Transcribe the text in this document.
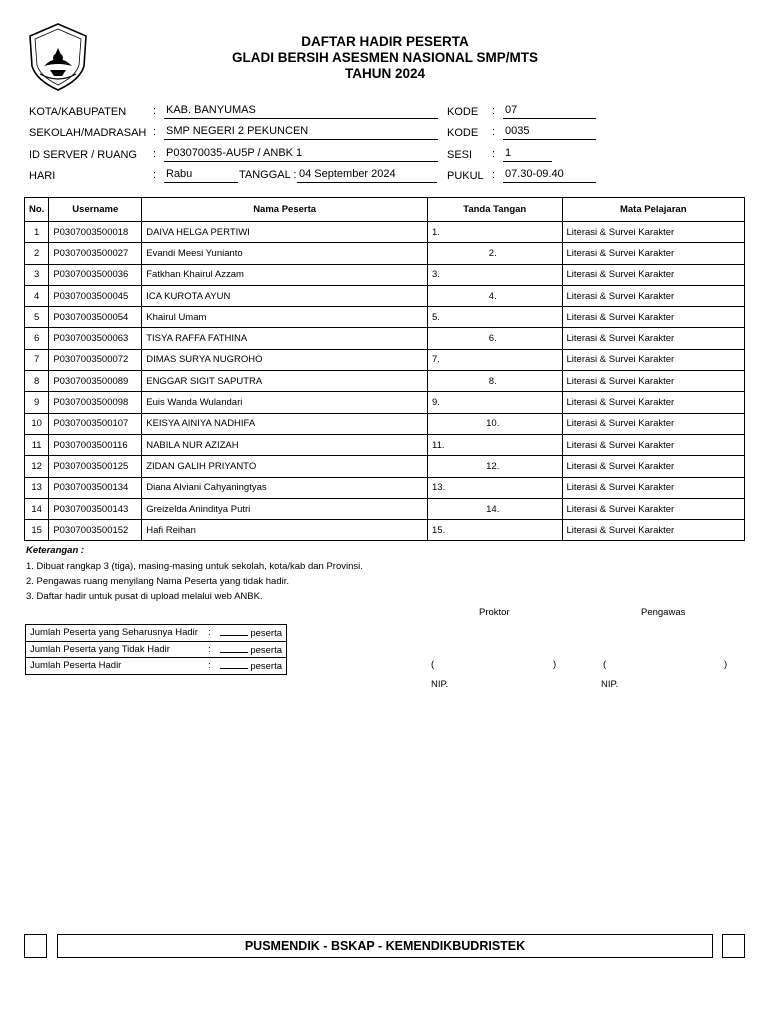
DAFTAR HADIR PESERTA
GLADI BERSIH ASESMEN NASIONAL SMP/MTS
TAHUN 2024
KOTA/KABUPATEN : KAB. BANYUMAS
SEKOLAH/MADRASAH : SMP NEGERI 2 PEKUNCEN
ID SERVER / RUANG : P03070035-AU5P / ANBK 1
HARI	: Rabu	TANGGAL : 04 September 2024
KODE : 07
KODE : 0035
SESI : 1
PUKUL : 07.30-09.40
No.	Username	Nama Peserta	Tanda Tangan	Mata Pelajaran
1	P0307003500018	DAIVA HELGA PERTIWI	1.	Literasi & Survei Karakter
2	P0307003500027	Evandi Meesi Yunianto	2.	Literasi & Survei Karakter
3	P0307003500036	Fatkhan Khairul Azzam	3.	Literasi & Survei Karakter
4	P0307003500045	ICA KUROTA AYUN	4.	Literasi & Survei Karakter
5	P0307003500054	Khairul Umam	5.	Literasi & Survei Karakter
6	P0307003500063	TISYA RAFFA FATHINA	6.	Literasi & Survei Karakter
7	P0307003500072	DIMAS SURYA NUGROHO	7.	Literasi & Survei Karakter
8	P0307003500089	ENGGAR SIGIT SAPUTRA	8.	Literasi & Survei Karakter
9	P0307003500098	Euis Wanda Wulandari	9.	Literasi & Survei Karakter
10	P0307003500107	KEISYA AINIYA NADHIFA	10.	Literasi & Survei Karakter
11	P0307003500116	NABILA NUR AZIZAH	11.	Literasi & Survei Karakter
12	P0307003500125	ZIDAN GALIH PRIYANTO	12.	Literasi & Survei Karakter
13	P0307003500134	Diana Alviani Cahyaningtyas	13.	Literasi & Survei Karakter
14	P0307003500143	Greizelda Aninditya Putri	14.	Literasi & Survei Karakter
15	P0307003500152	Hafi Reihan	15.	Literasi & Survei Karakter
Keterangan :
1. Dibuat rangkap 3 (tiga), masing-masing untuk sekolah, kota/kab dan Provinsi.
2. Pengawas ruang menyilang Nama Peserta yang tidak hadir.
3. Daftar hadir untuk pusat di upload melalui web ANBK.
Jumlah Peserta yang Seharusnya Hadir	:	peserta
Jumlah Peserta yang Tidak Hadir	:	peserta
Jumlah Peserta Hadir	:	peserta
Proktor	Pengawas
(	)	(	)
NIP.	NIP.
PUSMENDIK - BSKAP - KEMENDIKBUDRISTEK
